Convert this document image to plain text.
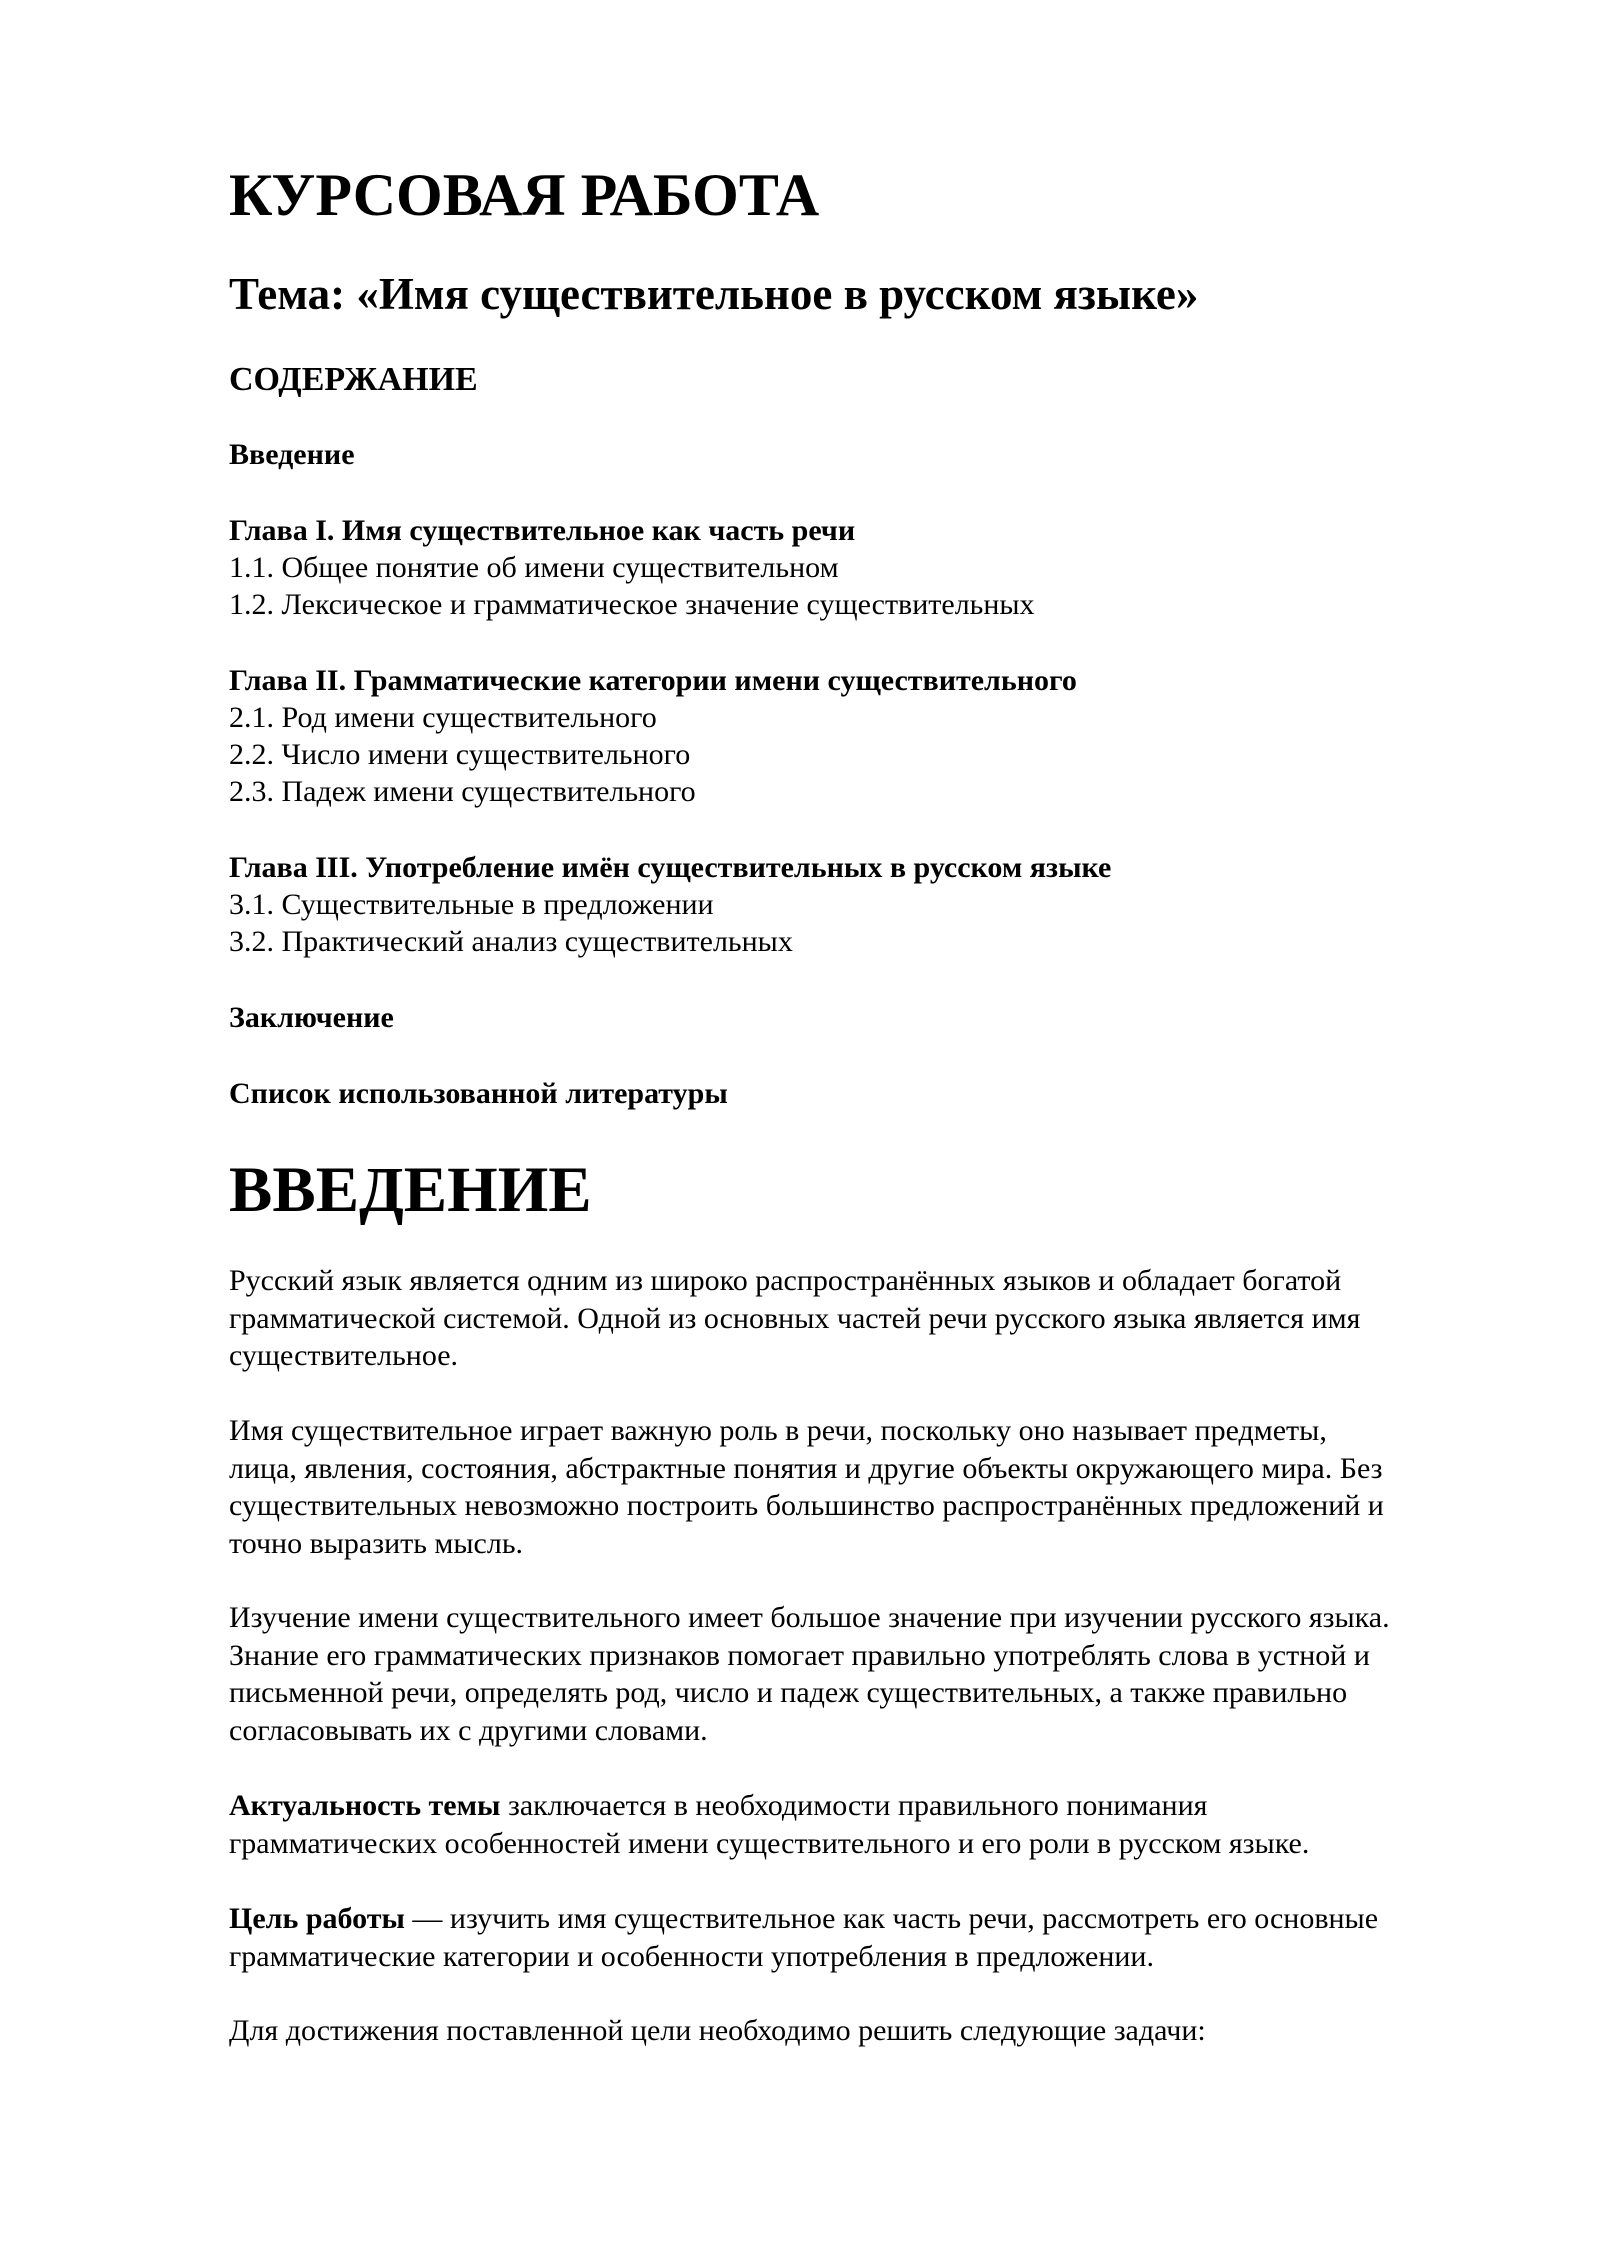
КУРСОВАЯ РАБОТА
Тема: «Имя существительное в русском языке»
СОДЕРЖАНИЕ

Введение

Глава I. Имя существительное как часть речи

1.1. Общее понятие об имени существительном

1.2. Лексическое и грамматическое значение существительных

Глава II. Грамматические категории имени существительного

2.1. Род имени существительного

2.2. Число имени существительного

2.3. Падеж имени существительного

Глава III. Употребление имён существительных в русском языке

3.1. Существительные в предложении

3.2. Практический анализ существительных

Заключение

Список использованной литературы

ВВЕДЕНИЕ

Русский язык является одним из широко распространённых языков и обладает богатой
грамматической системой. Одной из основных частей речи русского языка является имя
существительное.

Имя существительное играет важную роль в речи, поскольку оно называет предметы,
лица, явления, состояния, абстрактные понятия и другие объекты окружающего мира. Без
существительных невозможно построить большинство распространённых предложений и
точно выразить мысль.

Изучение имени существительного имеет большое значение при изучении русского языка.
Знание его грамматических признаков помогает правильно употреблять слова в устной и
письменной речи, определять род, число и падеж существительных, а также правильно
согласовывать их с другими словами.

Актуальность темы заключается в необходимости правильного понимания
грамматических особенностей имени существительного и его роли в русском языке.

Цель работы — изучить имя существительное как часть речи, рассмотреть его основные
грамматические категории и особенности употребления в предложении.

Для достижения поставленной цели необходимо решить следующие задачи:
